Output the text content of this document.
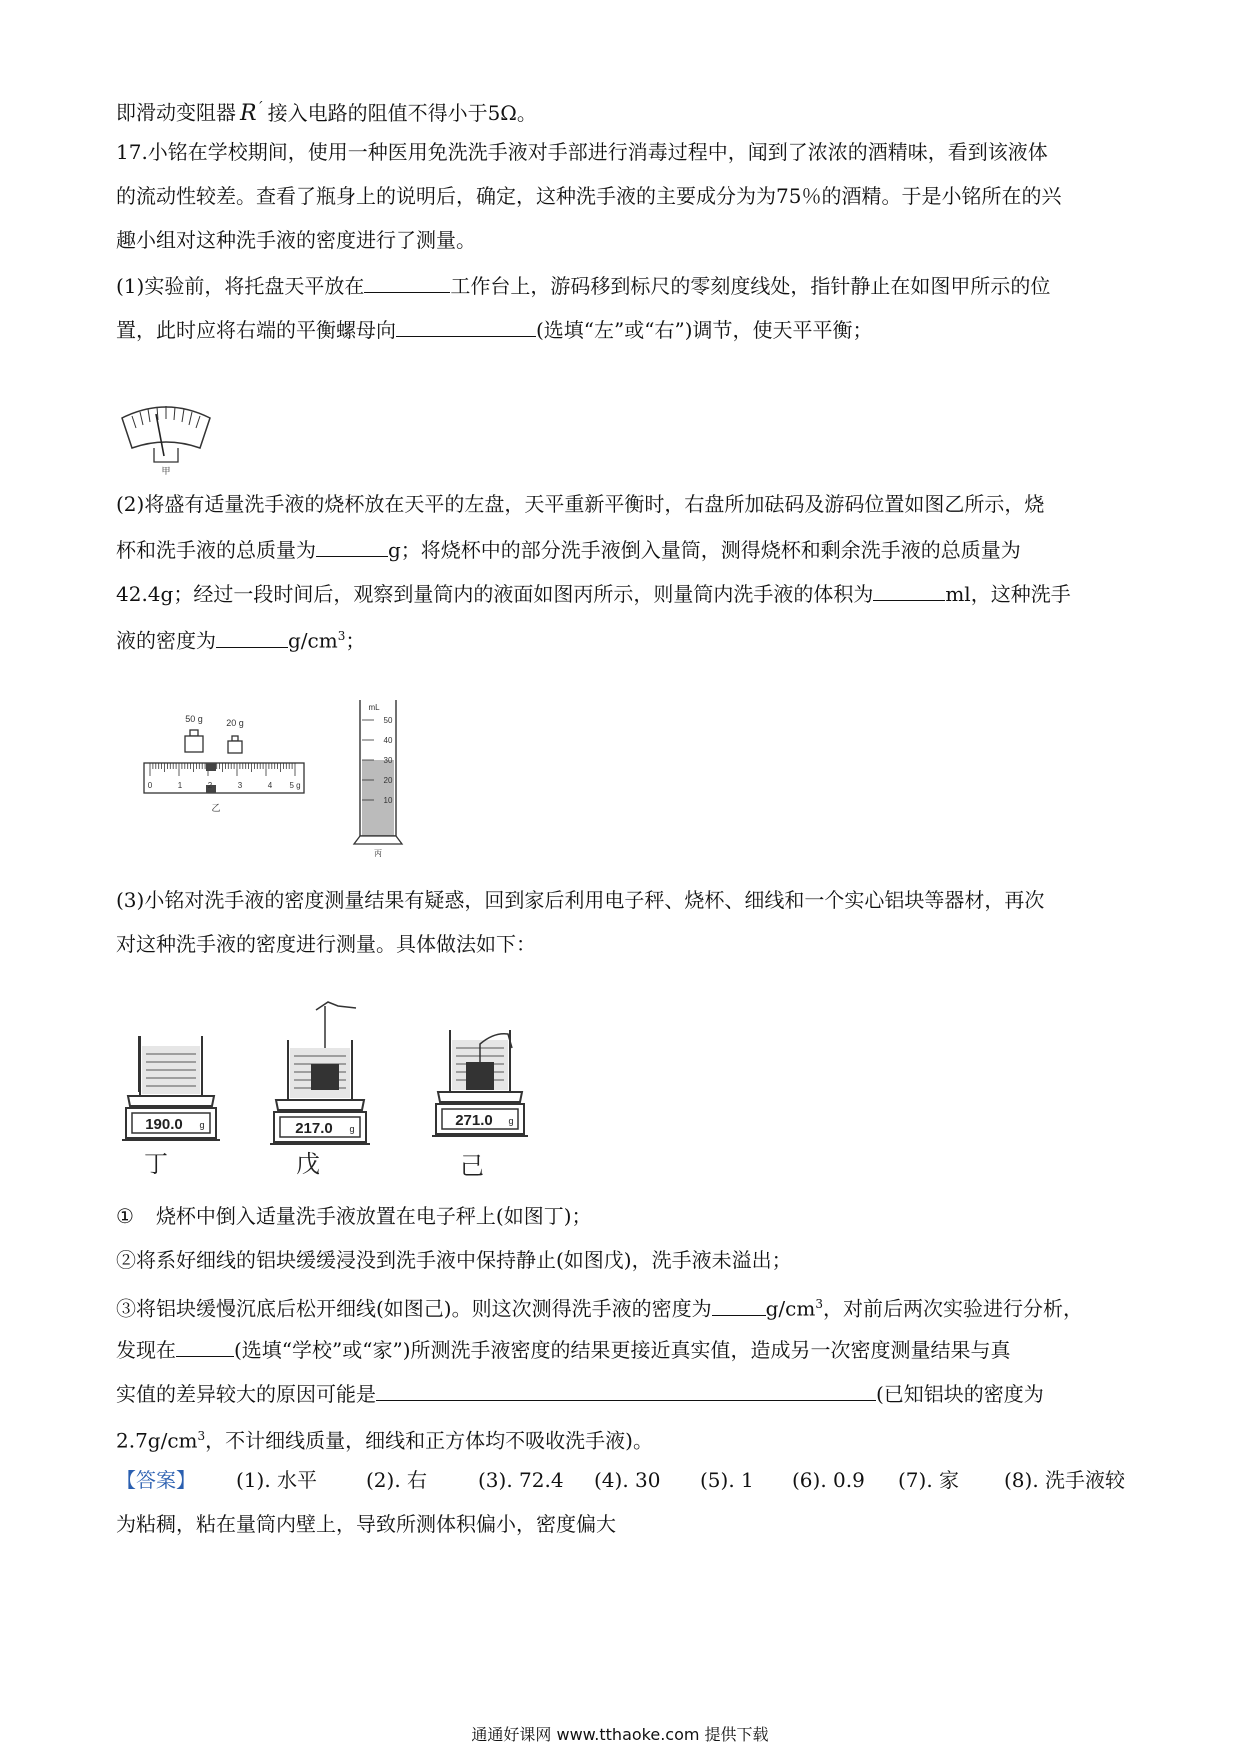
即滑动变阻器 $R^ˊ$ 接入电路的阻值不得小于5Ω。
17.小铭在学校期间，使用一种医用免洗洗手液对手部进行消毒过程中，闻到了浓浓的酒精味，看到该液体
的流动性较差。查看了瓶身上的说明后，确定，这种洗手液的主要成分为为75％的酒精。于是小铭所在的兴
趣小组对这种洗手液的密度进行了测量。
(1)实验前，将托盘天平放在	工作台上，游码移到标尺的零刻度线处，指针静止在如图甲所示的位
置，此时应将右端的平衡螺母向	(选填“左”或“右”)调节，使天平平衡；
甲
(2)将盛有适量洗手液的烧杯放在天平的左盘，天平重新平衡时，右盘所加砝码及游码位置如图乙所示，烧
杯和洗手液的总质量为	g；将烧杯中的部分洗手液倒入量筒，测得烧杯和剩余洗手液的总质量为
42.4g；经过一段时间后，观察到量筒内的液面如图丙所示，则量筒内洗手液的体积为	ml，这种洗手
液的密度为	$g/cm^3$；
50 g	20 g
0	1	2	3	4 5 g
乙
mL
50
40
30
20
10
丙
(3)小铭对洗手液的密度测量结果有疑惑，回到家后利用电子秤、烧杯、细线和一个实心铝块等器材，再次
对这种洗手液的密度进行测量。具体做法如下：
190.0 g
丁
217.0 g
戊
271.0 g
己
① 烧杯中倒入适量洗手液放置在电子秤上(如图丁)；
②将系好细线的铝块缓缓浸没到洗手液中保持静止(如图戊)，洗手液未溢出；
③将铝块缓慢沉底后松开细线(如图己)。则这次测得洗手液的密度为	$g/cm^3$，对前后两次实验进行分析，
发现在	(选填“学校”或“家”)所测洗手液密度的结果更接近真实值，造成另一次密度测量结果与真
实值的差异较大的原因可能是	(已知铝块的密度为
$2.7g/cm^3$，不计细线质量，细线和正方体均不吸收洗手液)。
【答案】 (1). 水平 (2). 右	(3). 72.4 (4). 30 (5). 1 (6). 0.9 (7). 家 (8). 洗手液较
为粘稠，粘在量筒内壁上，导致所测体积偏小，密度偏大
通通好课网 www.tthaoke.com 提供下载
